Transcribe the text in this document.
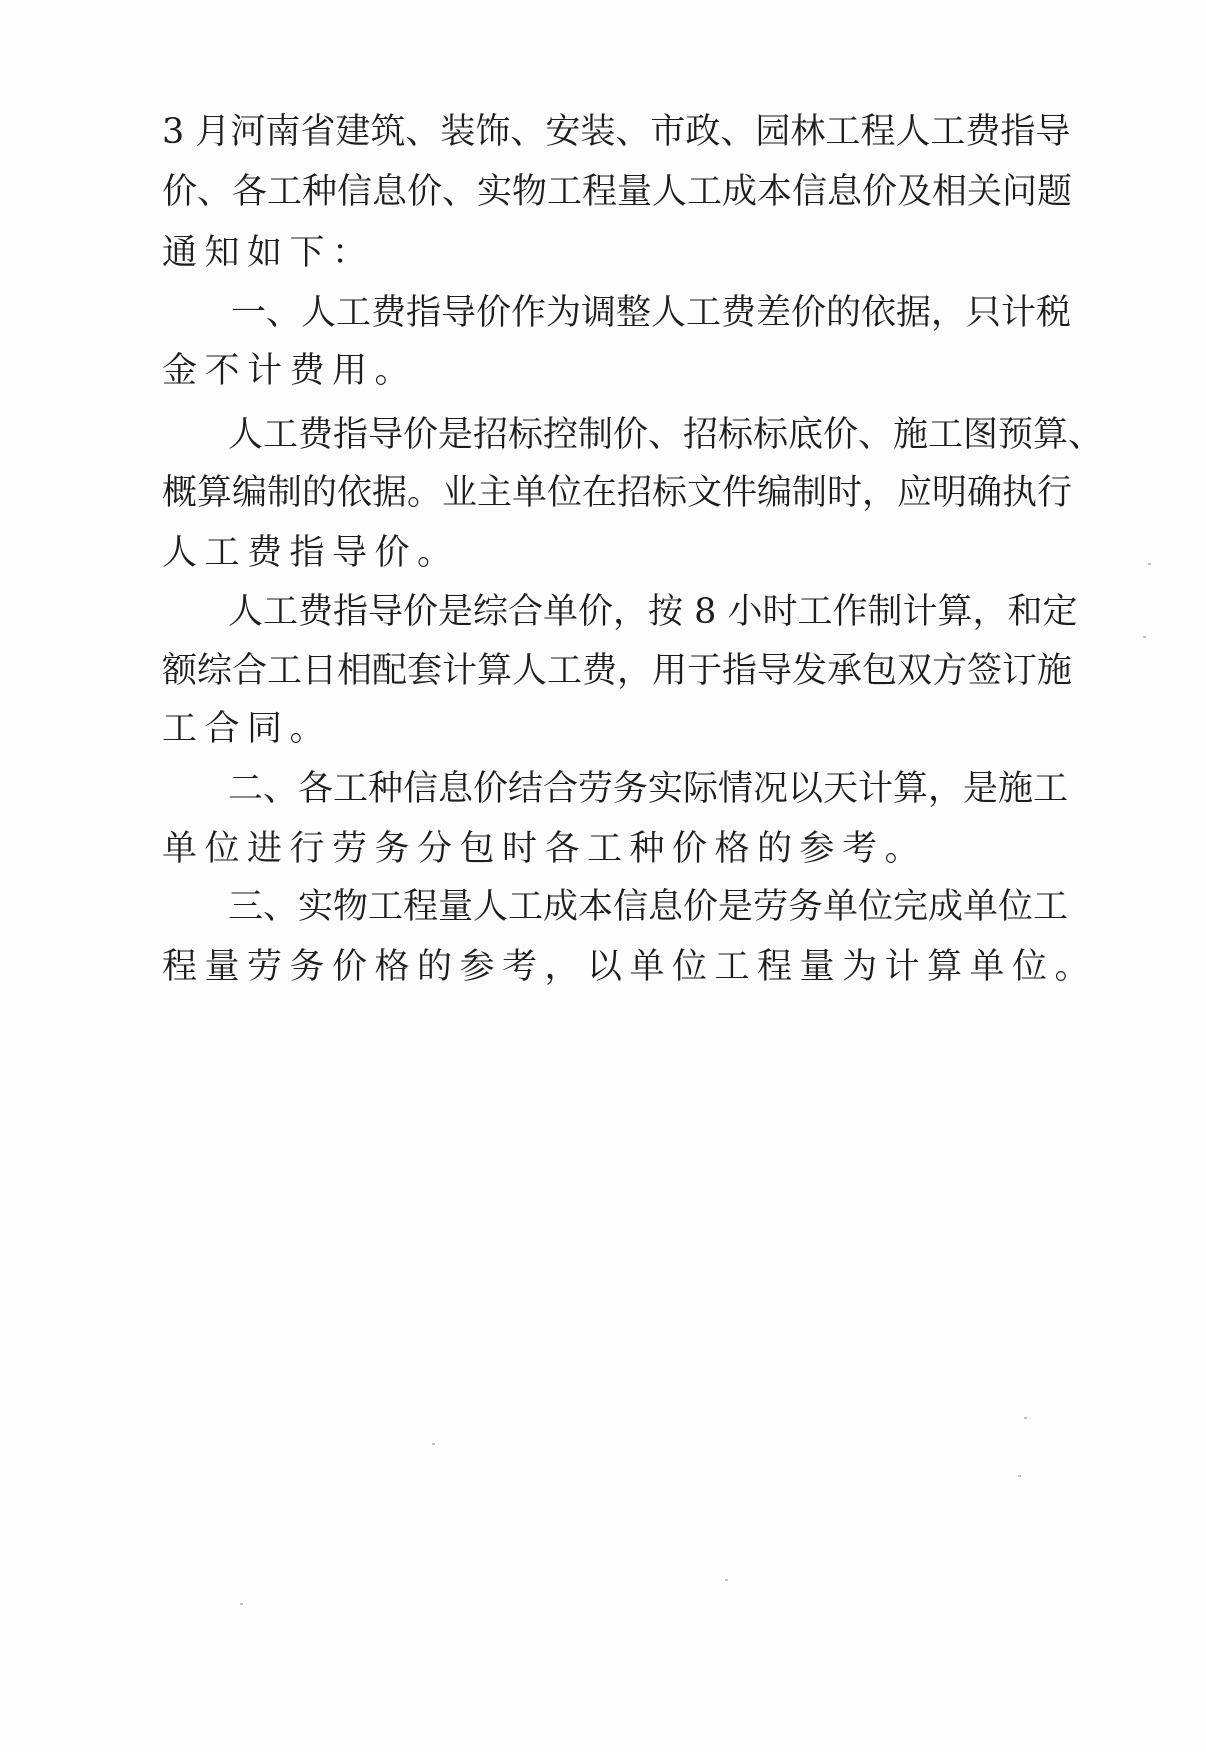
3 月河南省建筑、装饰、安装、市政、园林工程人工费指导
价、各工种信息价、实物工程量人工成本信息价及相关问题
通知如下：
一、人工费指导价作为调整人工费差价的依据，只计税
金不计费用。
人工费指导价是招标控制价、招标标底价、施工图预算、
概算编制的依据。业主单位在招标文件编制时，应明确执行
人工费指导价。
人工费指导价是综合单价，按 8 小时工作制计算，和定
额综合工日相配套计算人工费，用于指导发承包双方签订施
工合同。
二、各工种信息价结合劳务实际情况以天计算，是施工
单位进行劳务分包时各工种价格的参考。
三、实物工程量人工成本信息价是劳务单位完成单位工
程量劳务价格的参考，以单位工程量为计算单位。
